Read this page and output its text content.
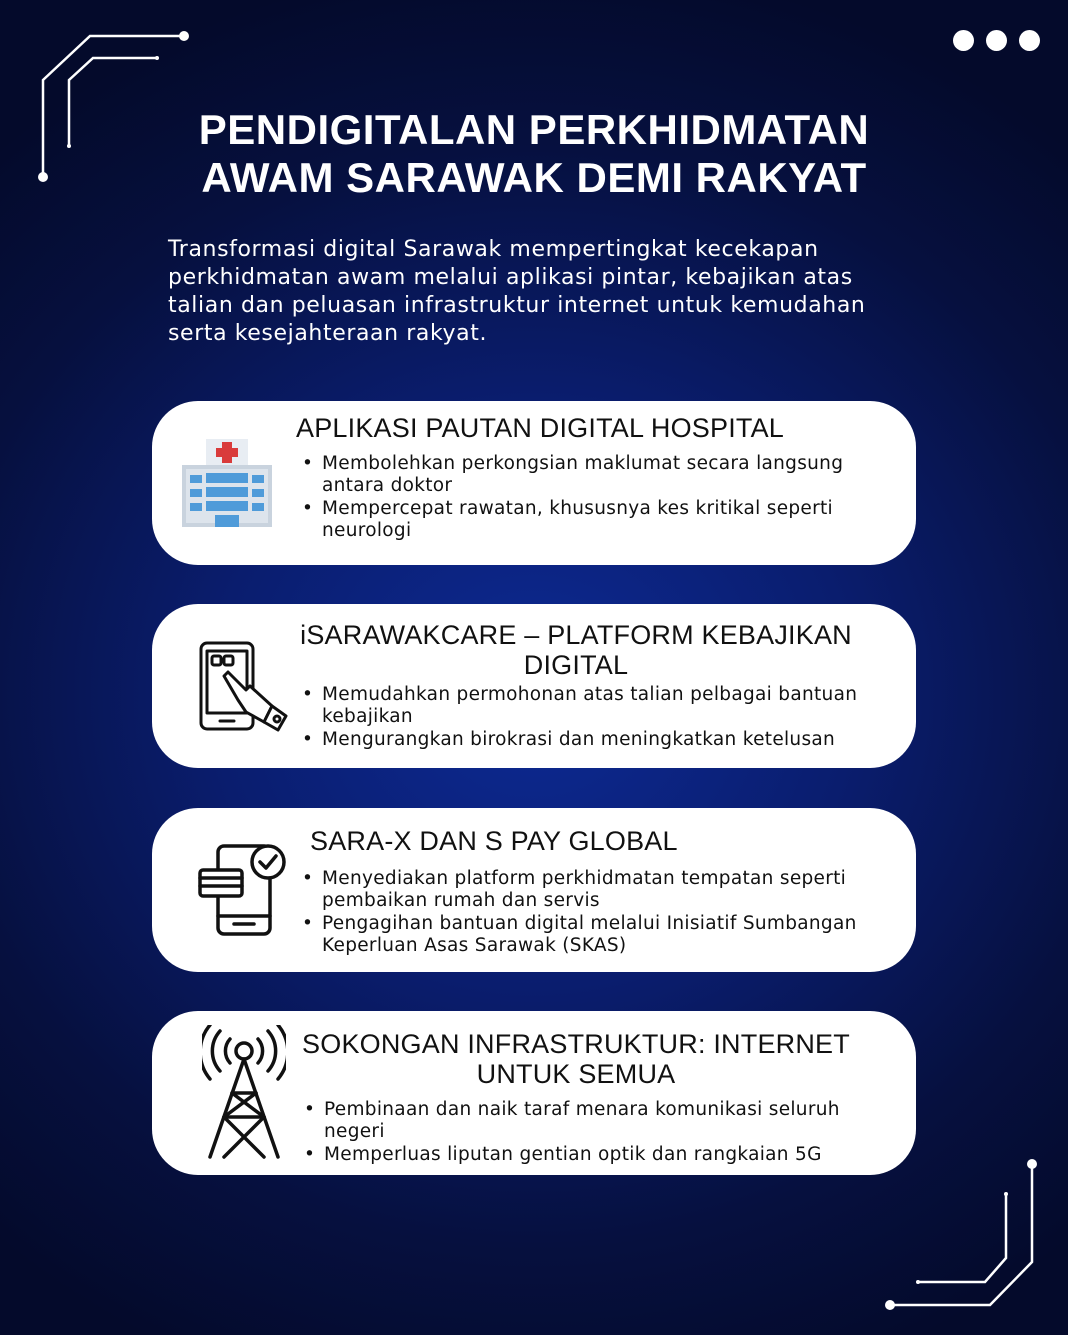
PENDIGITALAN PERKHIDMATAN
AWAM SARAWAK DEMI RAKYAT
Transformasi digital Sarawak mempertingkat kecekapan
perkhidmatan awam melalui aplikasi pintar, kebajikan atas
talian dan peluasan infrastruktur internet untuk kemudahan
serta kesejahteraan rakyat.
APLIKASI PAUTAN DIGITAL HOSPITAL
• Membolehkan perkongsian maklumat secara langsung
antara doktor
• Mempercepat rawatan, khususnya kes kritikal seperti
neurologi
iSARAWAKCARE – PLATFORM KEBAJIKAN
DIGITAL
• Memudahkan permohonan atas talian pelbagai bantuan
kebajikan
• Mengurangkan birokrasi dan meningkatkan ketelusan
SARA-X DAN S PAY GLOBAL
• Menyediakan platform perkhidmatan tempatan seperti
pembaikan rumah dan servis
• Pengagihan bantuan digital melalui Inisiatif Sumbangan
Keperluan Asas Sarawak (SKAS)
SOKONGAN INFRASTRUKTUR: INTERNET
UNTUK SEMUA
• Pembinaan dan naik taraf menara komunikasi seluruh
negeri
• Memperluas liputan gentian optik dan rangkaian 5G
